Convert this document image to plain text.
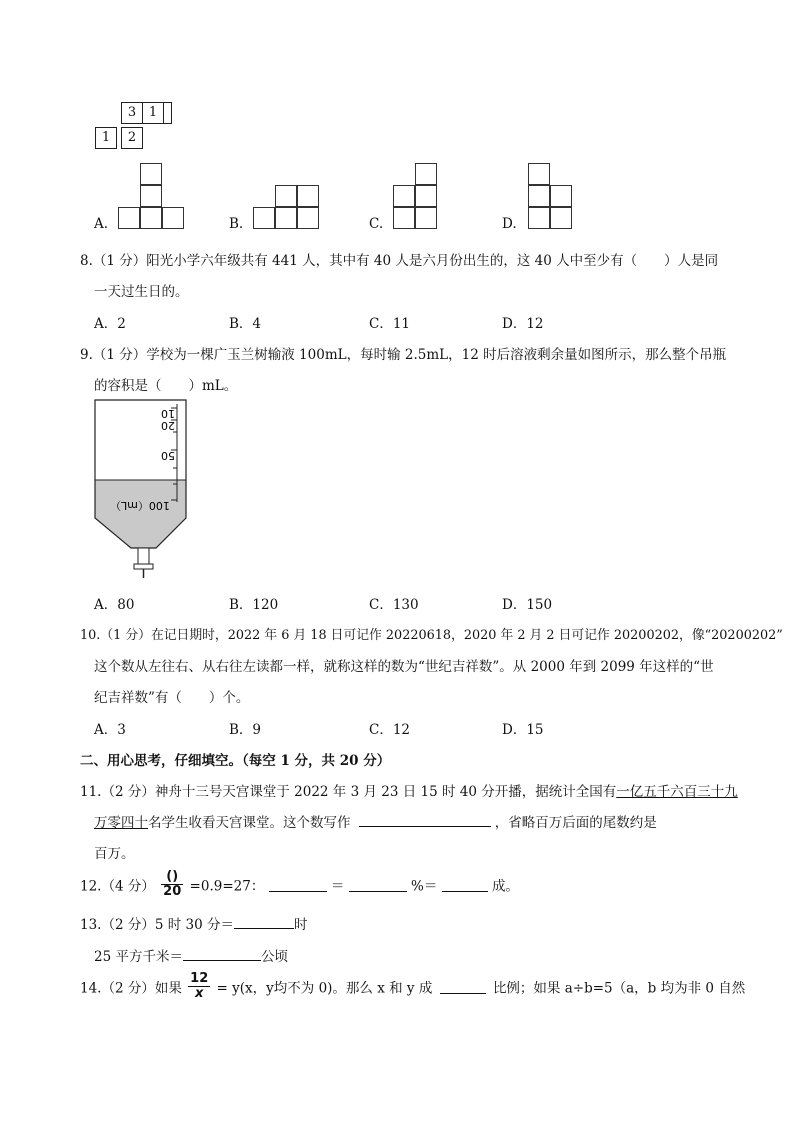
3 1
1	2
A.	B.	C.	D.
8.（1 分）阳光小学六年级共有 441 人，其中有 40 人是六月份出生的，这 40 人中至少有（　　）人是同
一天过生日的。
A．2	B．4	C．11	D．12
9.（1 分）学校为一棵广玉兰树输液 100mL，每时输 2.5mL，12 时后溶液剩余量如图所示，那么整个吊瓶
的容积是（　　）mL。
10
20
50
100（mL）
A．80	B．120	C．130	D．150
10.（1 分）在记日期时，2022 年 6 月 18 日可记作 20220618，2020 年 2 月 2 日可记作 20200202，像“20200202”
这个数从左往右、从右往左读都一样，就称这样的数为“世纪吉祥数”。从 2000 年到 2099 年这样的“世
纪吉祥数”有（　　）个。
A．3	B．9	C．12	D．15
二、用心思考，仔细填空。（每空 1 分，共 20 分）
11.（2 分）神舟十三号天宫课堂于 2022 年 3 月 23 日 15 时 40 分开播，据统计全国有一亿五千六百三十九
万零四十名学生收看天宫课堂。这个数写作	，省略百万后面的尾数约是
百万。
12.（4 分） $\frac{()}{20} =0.9=27$：	＝	%＝	成。
13.（2 分）5 时 30 分＝	时
25 平方千米＝	公顷
14.（2 分）如果 $\frac{12}{x} = y(x$，y均不为 0)。那么 x 和 y 成	比例；如果 a÷b=5（a，b 均为非 0 自然
